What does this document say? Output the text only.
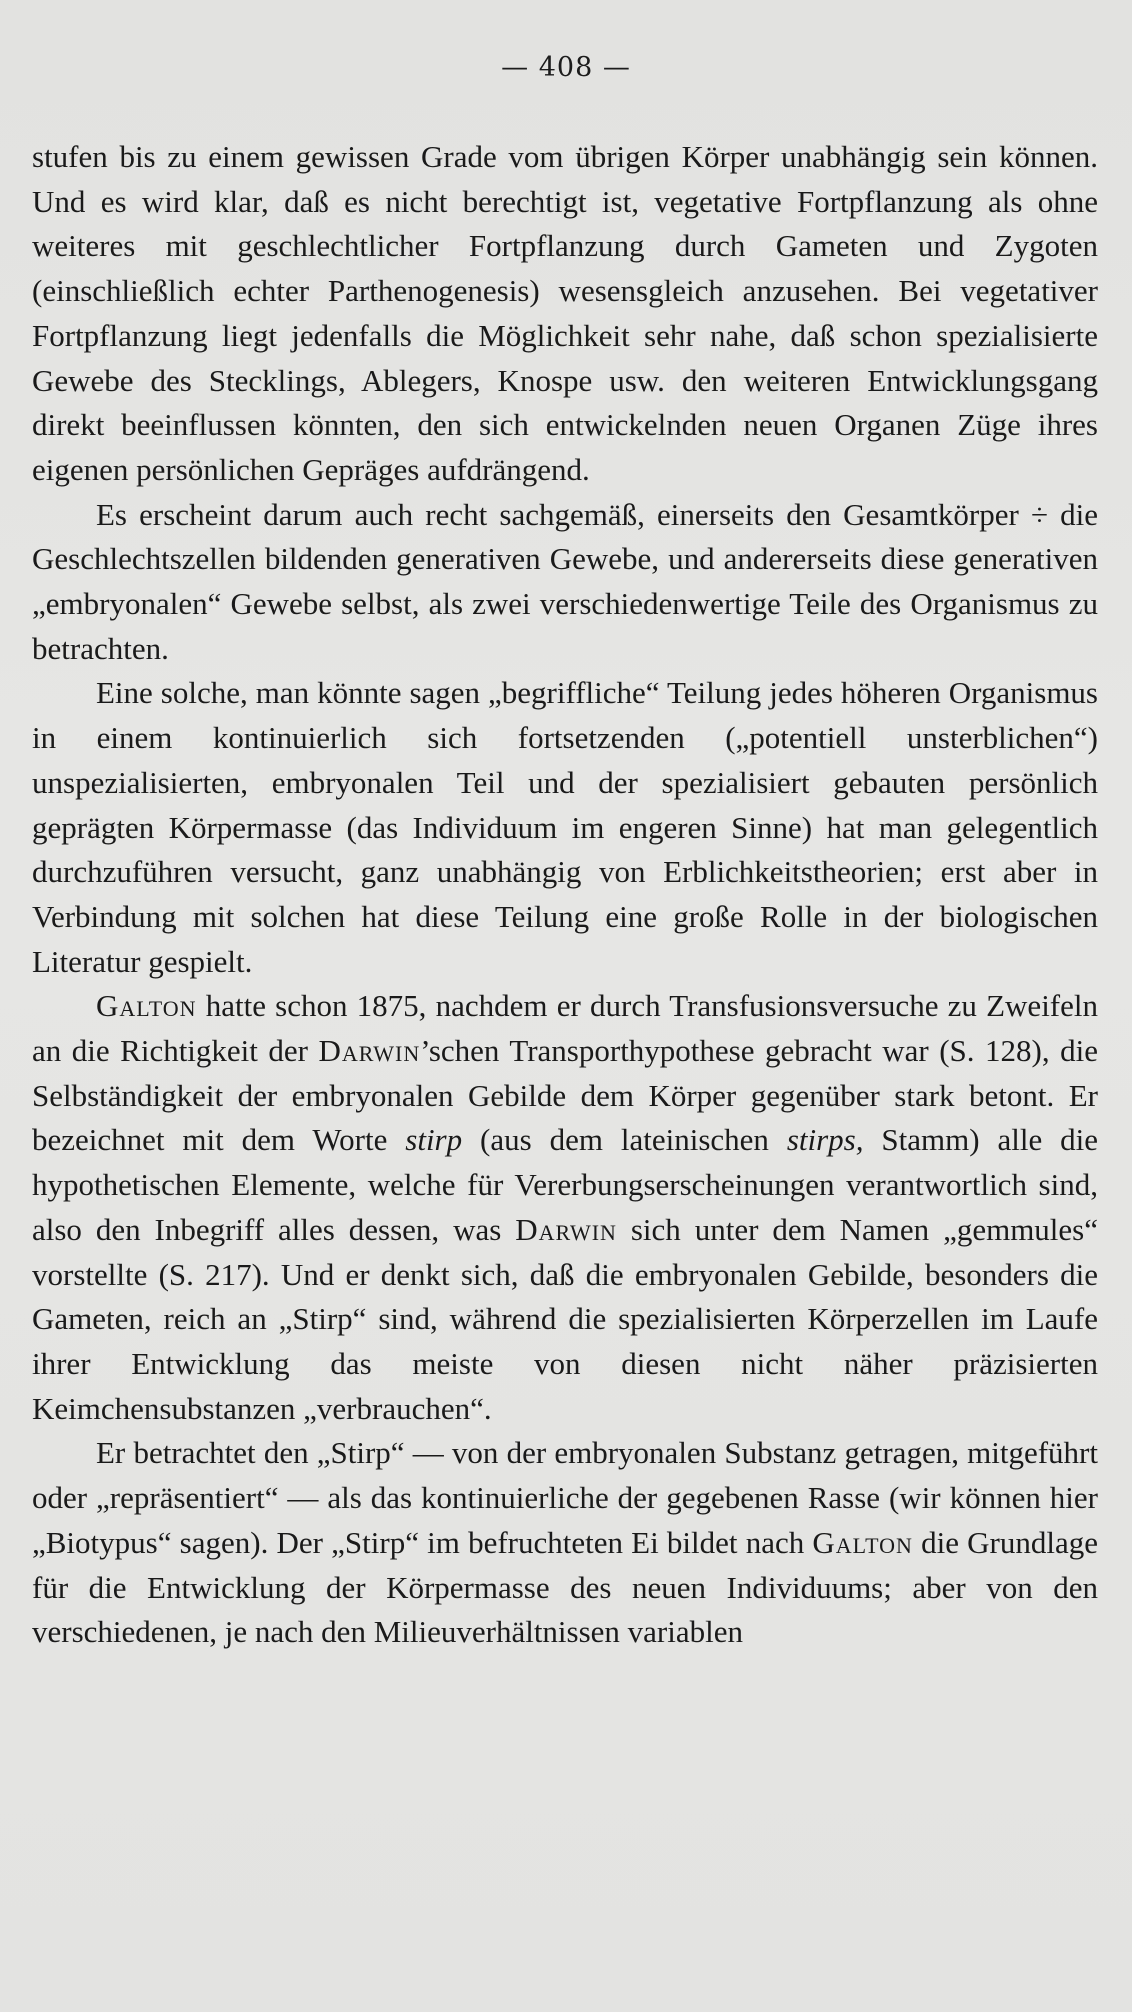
— 408 —

stufen bis zu einem gewissen Grade vom übrigen Körper unabhängig sein können. Und es wird klar, daß es nicht berechtigt ist, vegetative Fortpflanzung als ohne weiteres mit geschlechtlicher Fortpflanzung durch Gameten und Zygoten (einschließlich echter Parthenogenesis) wesensgleich anzusehen. Bei vegetativer Fortpflanzung liegt jedenfalls die Möglichkeit sehr nahe, daß schon spezialisierte Gewebe des Stecklings, Ablegers, Knospe usw. den weiteren Entwicklungsgang direkt beeinflussen könnten, den sich entwickelnden neuen Organen Züge ihres eigenen persönlichen Gepräges aufdrängend.

Es erscheint darum auch recht sachgemäß, einerseits den Gesamtkörper ÷ die Geschlechtszellen bildenden generativen Gewebe, und andererseits diese generativen „embryonalen“ Gewebe selbst, als zwei verschiedenwertige Teile des Organismus zu betrachten.

Eine solche, man könnte sagen „begriffliche“ Teilung jedes höheren Organismus in einem kontinuierlich sich fortsetzenden („potentiell unsterblichen“) unspezialisierten, embryonalen Teil und der spezialisiert gebauten persönlich geprägten Körpermasse (das Individuum im engeren Sinne) hat man gelegentlich durchzuführen versucht, ganz unabhängig von Erblichkeitstheorien; erst aber in Verbindung mit solchen hat diese Teilung eine große Rolle in der biologischen Literatur gespielt.

Galton hatte schon 1875, nachdem er durch Transfusionsversuche zu Zweifeln an die Richtigkeit der Darwin’schen Transporthypothese gebracht war (S. 128), die Selbständigkeit der embryonalen Gebilde dem Körper gegenüber stark betont. Er bezeichnet mit dem Worte stirp (aus dem lateinischen stirps, Stamm) alle die hypothetischen Elemente, welche für Vererbungserscheinungen verantwortlich sind, also den Inbegriff alles dessen, was Darwin sich unter dem Namen „gemmules“ vorstellte (S. 217). Und er denkt sich, daß die embryonalen Gebilde, besonders die Gameten, reich an „Stirp“ sind, während die spezialisierten Körperzellen im Laufe ihrer Entwicklung das meiste von diesen nicht näher präzisierten Keimchensubstanzen „verbrauchen“.

Er betrachtet den „Stirp“ — von der embryonalen Substanz getragen, mitgeführt oder „repräsentiert“ — als das kontinuierliche der gegebenen Rasse (wir können hier „Biotypus“ sagen). Der „Stirp“ im befruchteten Ei bildet nach Galton die Grundlage für die Entwicklung der Körpermasse des neuen Individuums; aber von den verschiedenen, je nach den Milieuverhältnissen variablen
